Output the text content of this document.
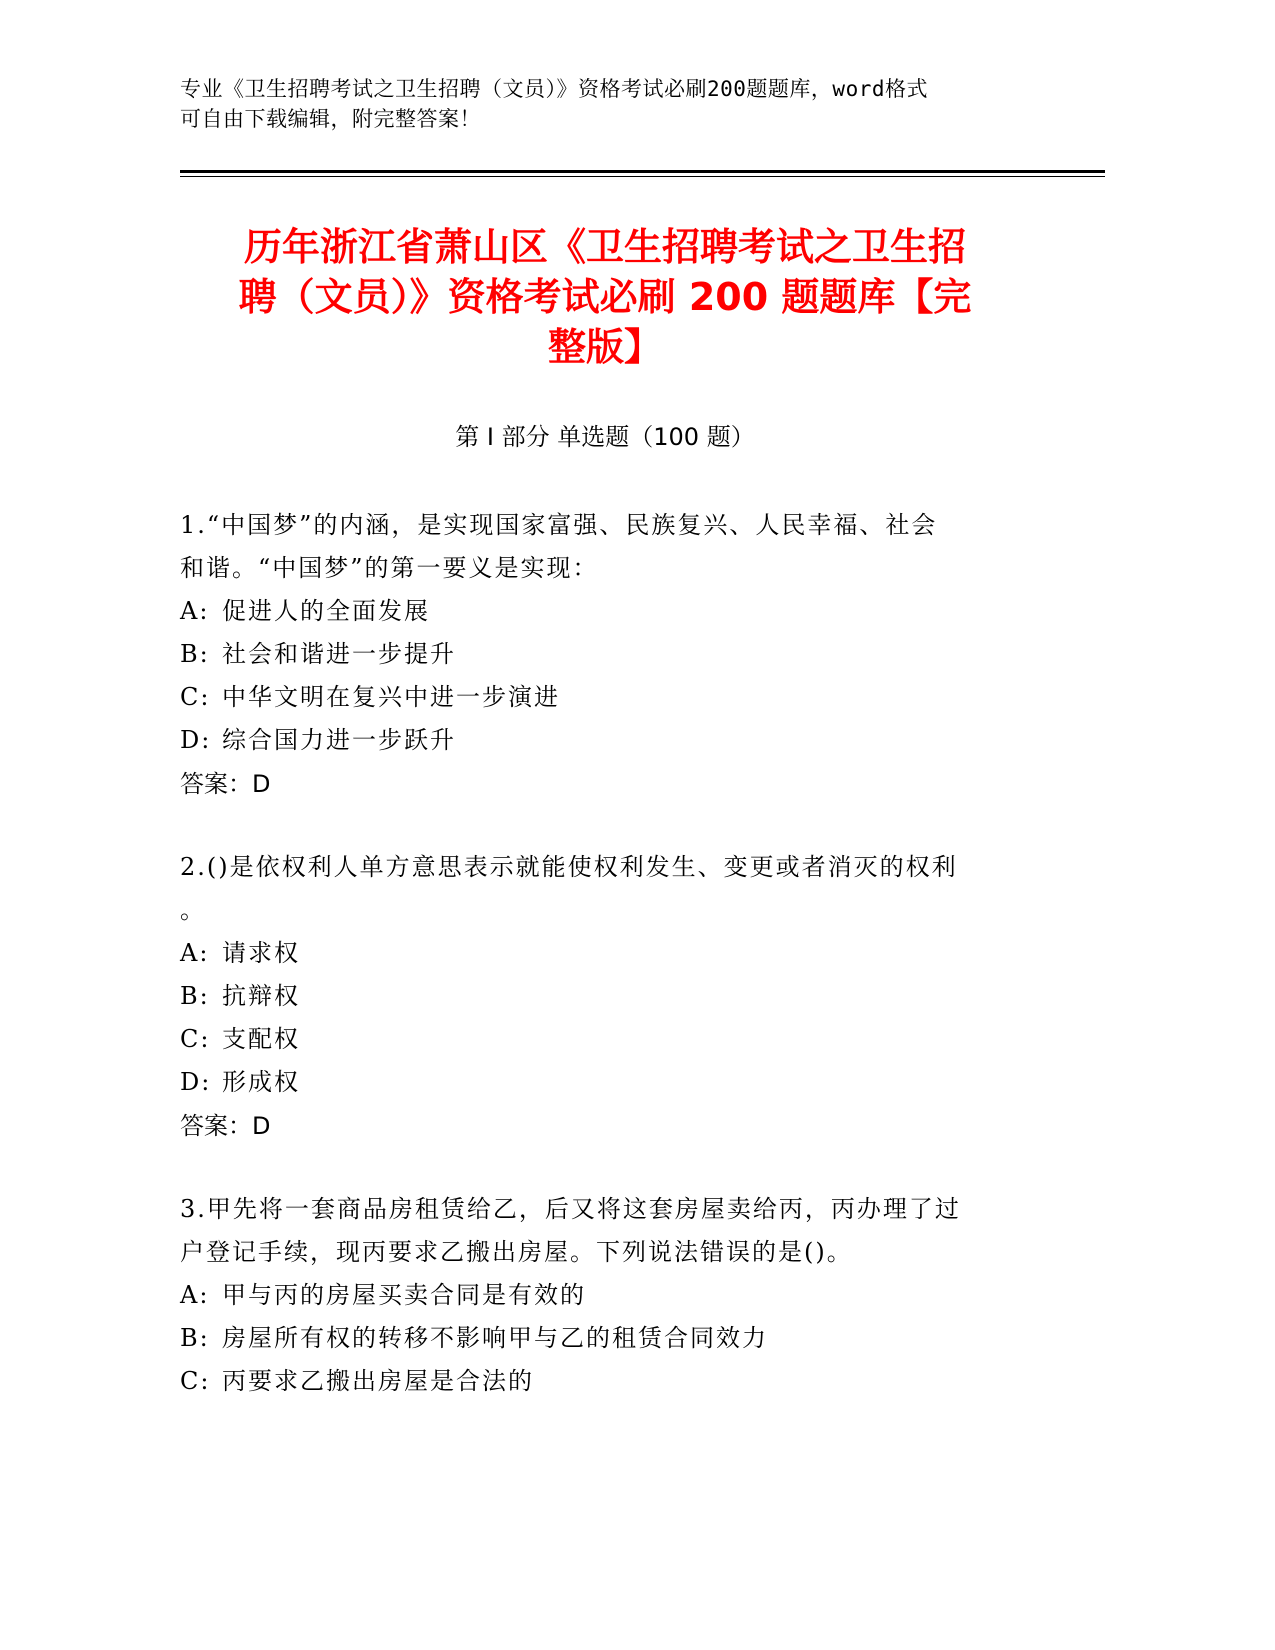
专业《卫生招聘考试之卫生招聘（文员）》资格考试必刷200题题库，word格式
可自由下载编辑，附完整答案！
历年浙江省萧山区《卫生招聘考试之卫生招
聘（文员）》资格考试必刷 200 题题库【完
整版】
第 I 部分 单选题（100 题）
1.“中国梦”的内涵，是实现国家富强、民族复兴、人民幸福、社会
和谐。“中国梦”的第一要义是实现：
A: 促进人的全面发展
B: 社会和谐进一步提升
C: 中华文明在复兴中进一步演进
D: 综合国力进一步跃升
答案：D
2.()是依权利人单方意思表示就能使权利发生、变更或者消灭的权利
。
A: 请求权
B: 抗辩权
C: 支配权
D: 形成权
答案：D
3.甲先将一套商品房租赁给乙，后又将这套房屋卖给丙，丙办理了过
户登记手续，现丙要求乙搬出房屋。下列说法错误的是()。
A: 甲与丙的房屋买卖合同是有效的
B: 房屋所有权的转移不影响甲与乙的租赁合同效力
C: 丙要求乙搬出房屋是合法的
